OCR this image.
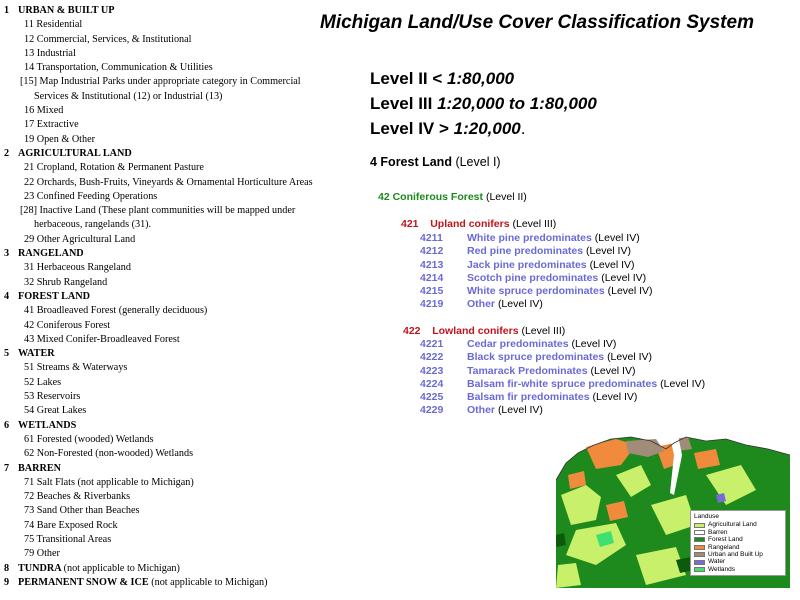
1 URBAN & BUILT UP
11 Residential
12 Commercial, Services, & Institutional
13 Industrial
14 Transportation, Communication & Utilities
[15] Map Industrial Parks under appropriate category in Commercial
Services & Institutional (12) or Industrial (13)
16 Mixed
17 Extractive
19 Open & Other
2 AGRICULTURAL LAND
21 Cropland, Rotation & Permanent Pasture
22 Orchards, Bush-Fruits, Vineyards & Ornamental Horticulture Areas
23 Confined Feeding Operations
[28] Inactive Land (These plant communities will be mapped under
herbaceous, rangelands (31).
29 Other Agricultural Land
3 RANGELAND
31 Herbaceous Rangeland
32 Shrub Rangeland
4 FOREST LAND
41 Broadleaved Forest (generally deciduous)
42 Coniferous Forest
43 Mixed Conifer-Broadleaved Forest
5 WATER
51 Streams & Waterways
52 Lakes
53 Reservoirs
54 Great Lakes
6 WETLANDS
61 Forested (wooded) Wetlands
62 Non-Forested (non-wooded) Wetlands
7 BARREN
71 Salt Flats (not applicable to Michigan)
72 Beaches & Riverbanks
73 Sand Other than Beaches
74 Bare Exposed Rock
75 Transitional Areas
79 Other
8 TUNDRA (not applicable to Michigan)
9 PERMANENT SNOW & ICE (not applicable to Michigan)
Michigan Land/Use Cover Classification System
Level II < 1:80,000
Level III 1:20,000 to 1:80,000
Level IV > 1:20,000.
4 Forest Land (Level I)
42 Coniferous Forest (Level II)
421 Upland conifers (Level III)
4211 White pine predominates (Level IV)
4212 Red pine predominates (Level IV)
4213 Jack pine predominates (Level IV)
4214 Scotch pine predominates (Level IV)
4215 White spruce perdominates (Level IV)
4219 Other (Level IV)
422 Lowland conifers (Level III)
4221 Cedar predominates (Level IV)
4222 Black spruce predominates (Level IV)
4223 Tamarack Predominates (Level IV)
4224 Balsam fir-white spruce predominates (Level IV)
4225 Balsam fir predominates (Level IV)
4229 Other (Level IV)
Landuse
Agricultural Land
Barren
Forest Land
Rangeland
Urban and Built Up
Water
Wetlands
